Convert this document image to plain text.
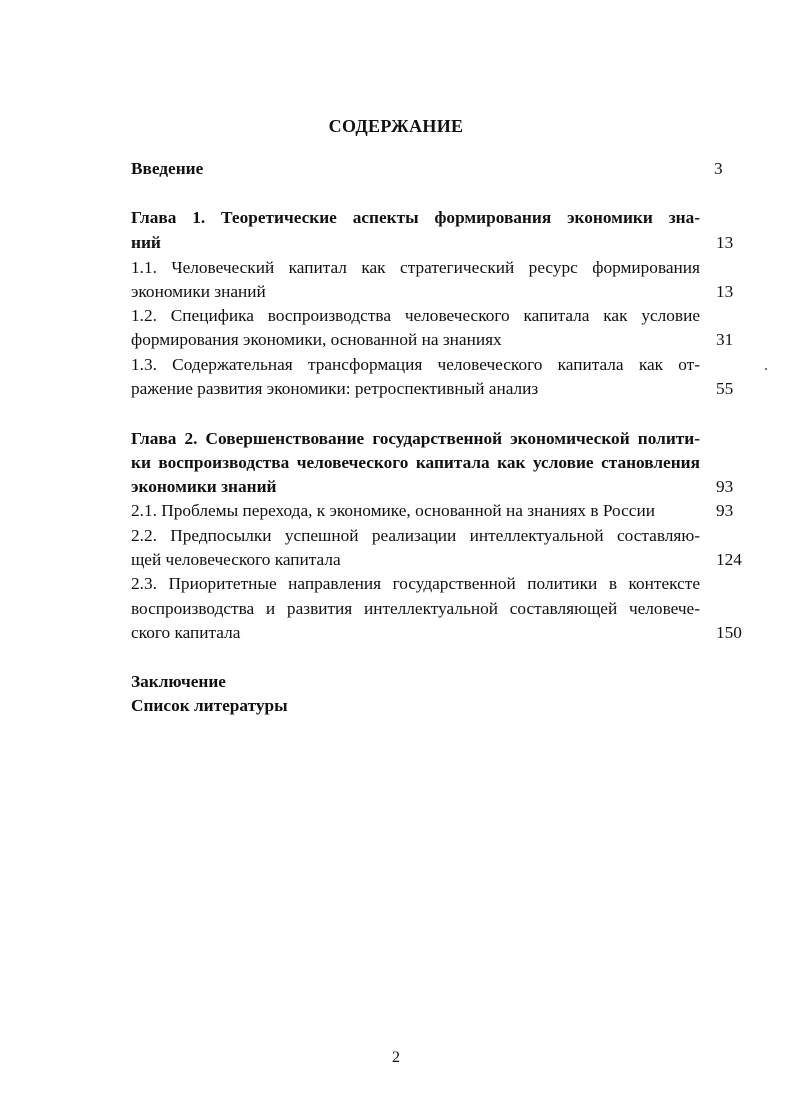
СОДЕРЖАНИЕ
Введение	3
Глава 1. Теоретические аспекты формирования экономики зна-
ний	13
1.1. Человеческий капитал как стратегический ресурс формирования
экономики знаний	13
1.2. Специфика воспроизводства человеческого капитала как условие
формирования экономики, основанной на знаниях	31
1.3. Содержательная трансформация человеческого капитала как от-
ражение развития экономики: ретроспективный анализ	55
Глава 2. Совершенствование государственной экономической полити-
ки воспроизводства человеческого капитала как условие становления
экономики знаний	93
2.1. Проблемы перехода, к экономике, основанной на знаниях в России	93
2.2. Предпосылки успешной реализации интеллектуальной составляю-
щей человеческого капитала	124
2.3. Приоритетные направления государственной политики в контексте
воспроизводства и развития интеллектуальной составляющей человече-
ского капитала	150
Заключение
Список литературы
2
